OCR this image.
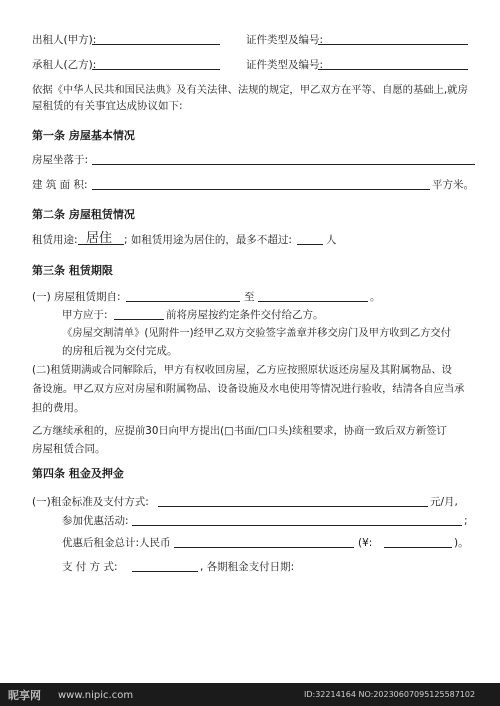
出租人(甲方):	证件类型及编号:
承租人(乙方):	证件类型及编号:
依据《中华人民共和国民法典》及有关法律、法规的规定，甲乙双方在平等、自愿的基础上,就房
屋租赁的有关事宜达成协议如下:
第一条 房屋基本情况
房屋坐落于:
建 筑 面 积:	平方米。
第二条 房屋租赁情况
租赁用途: 居住 ; 如租赁用途为居住的，最多不超过:	人
第三条 租赁期限
(一) 房屋租赁期自:	至	。
甲方应于:	前将房屋按约定条件交付给乙方。
《房屋交割清单》(见附件一)经甲乙双方交验签字盖章并移交房门及甲方收到乙方交付
的房租后视为交付完成。
(二)租赁期满或合同解除后，甲方有权收回房屋，乙方应按照原状返还房屋及其附属物品、设
备设施。甲乙双方应对房屋和附属物品、设备设施及水电使用等情况进行验收，结清各自应当承
担的费用。
乙方继续承租的，应提前30日向甲方提出(□书面/□口头)续租要求，协商一致后双方新签订
房屋租赁合同。
第四条 租金及押金
(一)租金标准及支付方式:	元/月,
参加优惠活动:	;
优惠后租金总计:人民币	(¥:	)。
支 付 方 式:	, 各期租金支付日期:
昵享网 www.nipic.com	ID:32214164 NO:20230607095125587102
